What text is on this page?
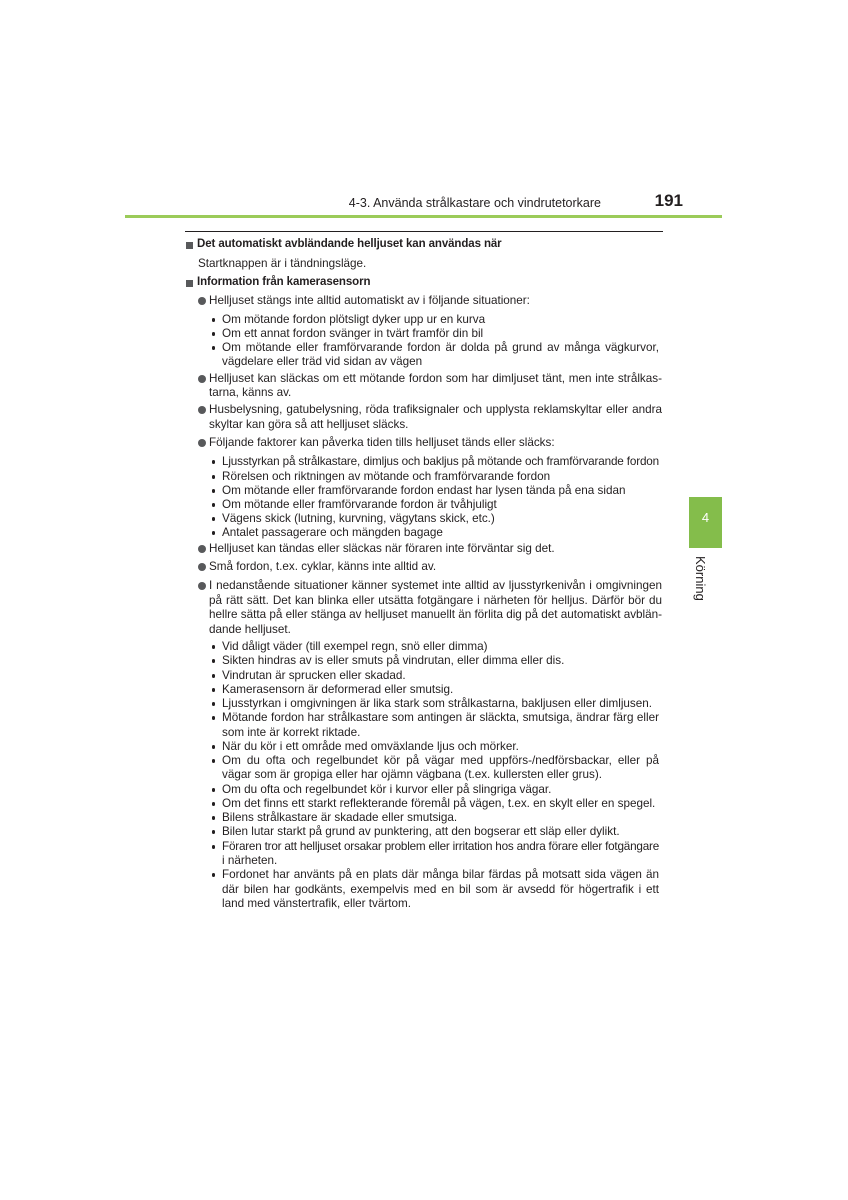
4-3. Använda strålkastare och vindrutetorkare	191
4
Körning
Det automatiskt avbländande helljuset kan användas när
Startknappen är i tändningsläge.
Information från kamerasensorn
Helljuset stängs inte alltid automatiskt av i följande situationer:
Om mötande fordon plötsligt dyker upp ur en kurva
Om ett annat fordon svänger in tvärt framför din bil
Om mötande eller framförvarande fordon är dolda på grund av många vägkurvor,
vägdelare eller träd vid sidan av vägen
Helljuset kan släckas om ett mötande fordon som har dimljuset tänt, men inte strålkas-
tarna, känns av.
Husbelysning, gatubelysning, röda trafiksignaler och upplysta reklamskyltar eller andra
skyltar kan göra så att helljuset släcks.
Följande faktorer kan påverka tiden tills helljuset tänds eller släcks:
Ljusstyrkan på strålkastare, dimljus och bakljus på mötande och framförvarande fordon
Rörelsen och riktningen av mötande och framförvarande fordon
Om mötande eller framförvarande fordon endast har lysen tända på ena sidan
Om mötande eller framförvarande fordon är tvåhjuligt
Vägens skick (lutning, kurvning, vägytans skick, etc.)
Antalet passagerare och mängden bagage
Helljuset kan tändas eller släckas när föraren inte förväntar sig det.
Små fordon, t.ex. cyklar, känns inte alltid av.
I nedanstående situationer känner systemet inte alltid av ljusstyrkenivån i omgivningen
på rätt sätt. Det kan blinka eller utsätta fotgängare i närheten för helljus. Därför bör du
hellre sätta på eller stänga av helljuset manuellt än förlita dig på det automatiskt avblän-
dande helljuset.
Vid dåligt väder (till exempel regn, snö eller dimma)
Sikten hindras av is eller smuts på vindrutan, eller dimma eller dis.
Vindrutan är sprucken eller skadad.
Kamerasensorn är deformerad eller smutsig.
Ljusstyrkan i omgivningen är lika stark som strålkastarna, bakljusen eller dimljusen.
Mötande fordon har strålkastare som antingen är släckta, smutsiga, ändrar färg eller
som inte är korrekt riktade.
När du kör i ett område med omväxlande ljus och mörker.
Om du ofta och regelbundet kör på vägar med uppförs-/nedförsbackar, eller på
vägar som är gropiga eller har ojämn vägbana (t.ex. kullersten eller grus).
Om du ofta och regelbundet kör i kurvor eller på slingriga vägar.
Om det finns ett starkt reflekterande föremål på vägen, t.ex. en skylt eller en spegel.
Bilens strålkastare är skadade eller smutsiga.
Bilen lutar starkt på grund av punktering, att den bogserar ett släp eller dylikt.
Föraren tror att helljuset orsakar problem eller irritation hos andra förare eller fotgängare
i närheten.
Fordonet har använts på en plats där många bilar färdas på motsatt sida vägen än
där bilen har godkänts, exempelvis med en bil som är avsedd för högertrafik i ett
land med vänstertrafik, eller tvärtom.
